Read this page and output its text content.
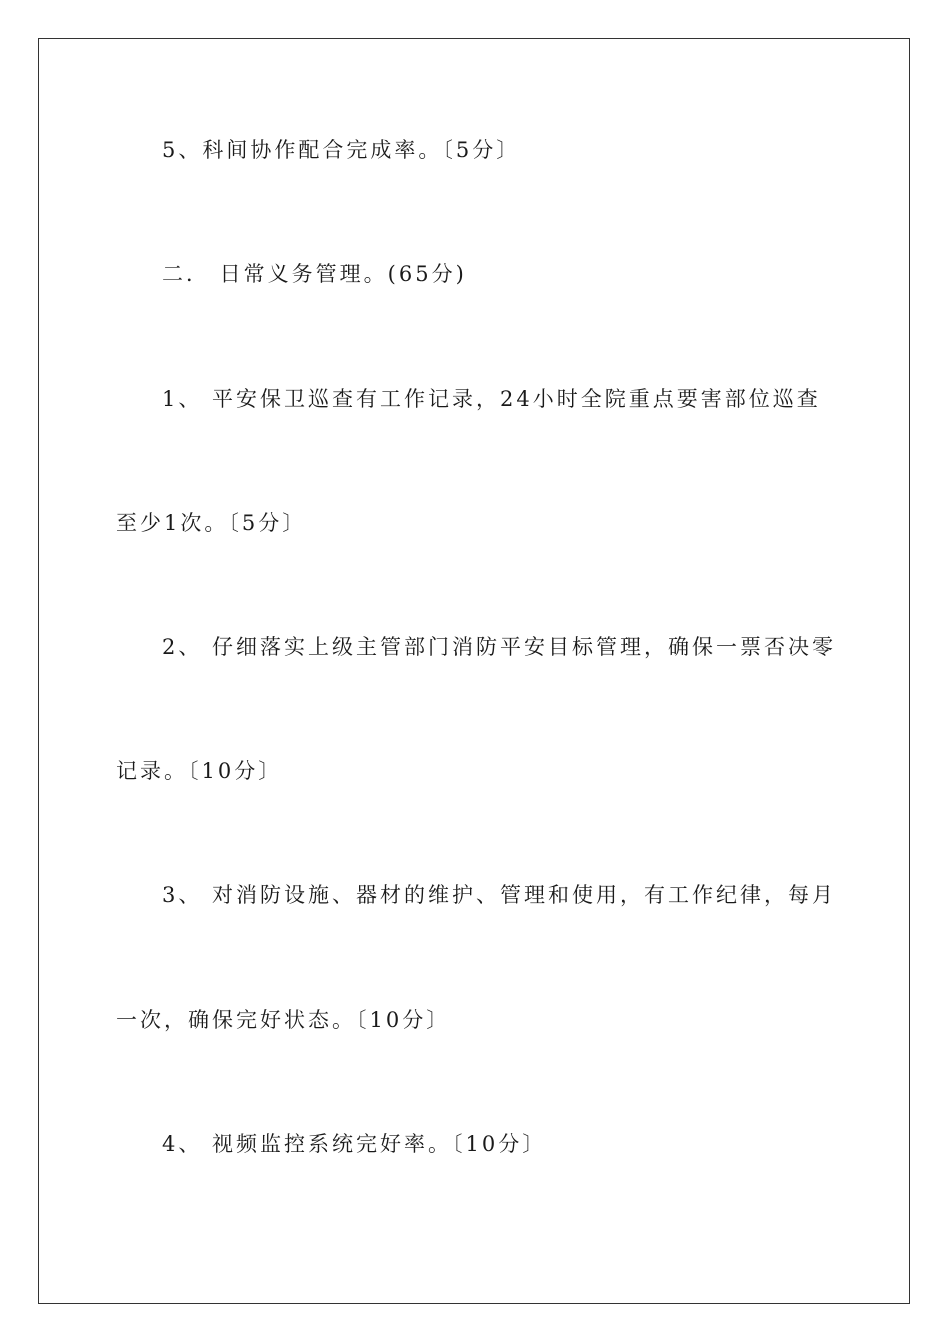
5、科间协作配合完成率。〔5分〕
二． 日常义务管理。(65分)
1、 平安保卫巡查有工作记录，24小时全院重点要害部位巡查
至少1次。〔5分〕
2、 仔细落实上级主管部门消防平安目标管理，确保一票否决零
记录。〔10分〕
3、 对消防设施、器材的维护、管理和使用，有工作纪律，每月
一次，确保完好状态。〔10分〕
4、 视频监控系统完好率。〔10分〕
